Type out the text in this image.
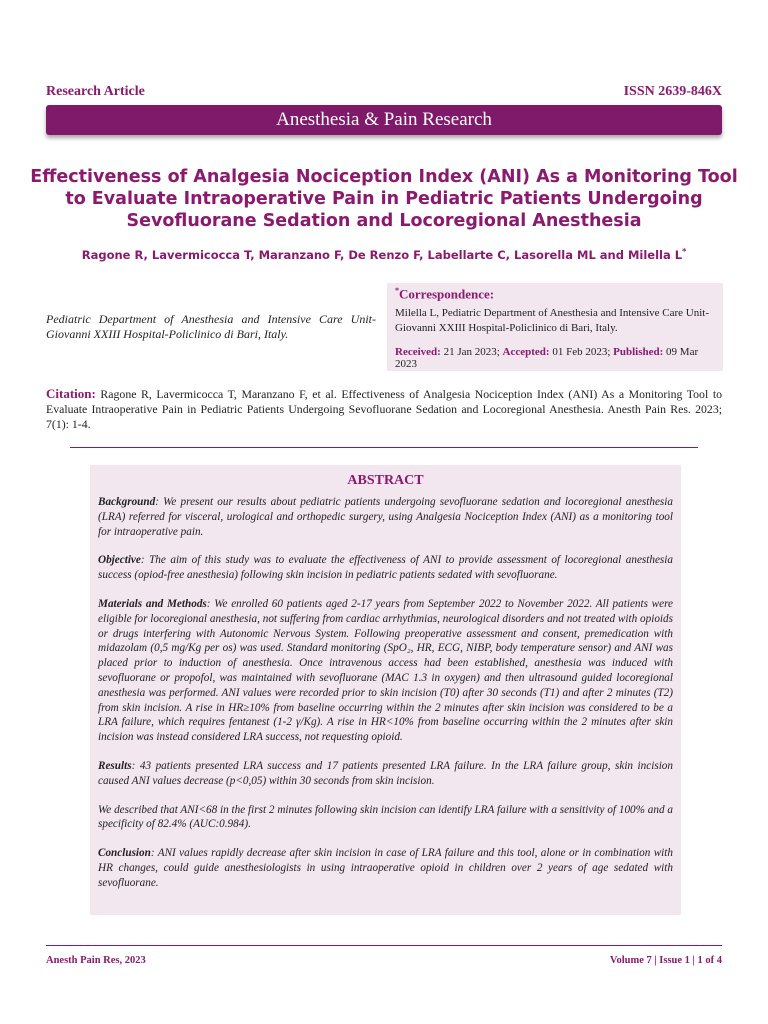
Research Article	ISSN 2639-846X
Anesthesia & Pain Research
Effectiveness of Analgesia Nociception Index (ANI) As a Monitoring Tool to Evaluate Intraoperative Pain in Pediatric Patients Undergoing Sevofluorane Sedation and Locoregional Anesthesia
Ragone R, Lavermicocca T, Maranzano F, De Renzo F, Labellarte C, Lasorella ML and Milella L*
Pediatric Department of Anesthesia and Intensive Care Unit- Giovanni XXIII Hospital-Policlinico di Bari, Italy.
*Correspondence:
Milella L, Pediatric Department of Anesthesia and Intensive Care Unit- Giovanni XXIII Hospital-Policlinico di Bari, Italy.
Received: 21 Jan 2023; Accepted: 01 Feb 2023; Published: 09 Mar 2023
Citation: Ragone R, Lavermicocca T, Maranzano F, et al. Effectiveness of Analgesia Nociception Index (ANI) As a Monitoring Tool to Evaluate Intraoperative Pain in Pediatric Patients Undergoing Sevofluorane Sedation and Locoregional Anesthesia. Anesth Pain Res. 2023; 7(1): 1-4.
ABSTRACT

Background: We present our results about pediatric patients undergoing sevofluorane sedation and locoregional anesthesia (LRA) referred for visceral, urological and orthopedic surgery, using Analgesia Nociception Index (ANI) as a monitoring tool for intraoperative pain.

Objective: The aim of this study was to evaluate the effectiveness of ANI to provide assessment of locoregional anesthesia success (opiod-free anesthesia) following skin incision in pediatric patients sedated with sevofluorane.

Materials and Methods: We enrolled 60 patients aged 2-17 years from September 2022 to November 2022. All patients were eligible for locoregional anesthesia, not suffering from cardiac arrhythmias, neurological disorders and not treated with opioids or drugs interfering with Autonomic Nervous System. Following preoperative assessment and consent, premedication with midazolam (0,5 mg/Kg per os) was used. Standard monitoring (SpO₂, HR, ECG, NIBP, body temperature sensor) and ANI was placed prior to induction of anesthesia. Once intravenous access had been established, anesthesia was induced with sevofluorane or propofol, was maintained with sevofluorane (MAC 1.3 in oxygen) and then ultrasound guided locoregional anesthesia was performed. ANI values were recorded prior to skin incision (T0) after 30 seconds (T1) and after 2 minutes (T2) from skin incision. A rise in HR≥10% from baseline occurring within the 2 minutes after skin incision was considered to be a LRA failure, which requires fentanest (1-2 γ/Kg). A rise in HR<10% from baseline occurring within the 2 minutes after skin incision was instead considered LRA success, not requesting opioid.

Results: 43 patients presented LRA success and 17 patients presented LRA failure. In the LRA failure group, skin incision caused ANI values decrease (p<0,05) within 30 seconds from skin incision.

We described that ANI<68 in the first 2 minutes following skin incision can identify LRA failure with a sensitivity of 100% and a specificity of 82.4% (AUC:0.984).

Conclusion: ANI values rapidly decrease after skin incision in case of LRA failure and this tool, alone or in combination with HR changes, could guide anesthesiologists in using intraoperative opioid in children over 2 years of age sedated with sevofluorane.

Anesth Pain Res, 2023	Volume 7 | Issue 1 | 1 of 4
